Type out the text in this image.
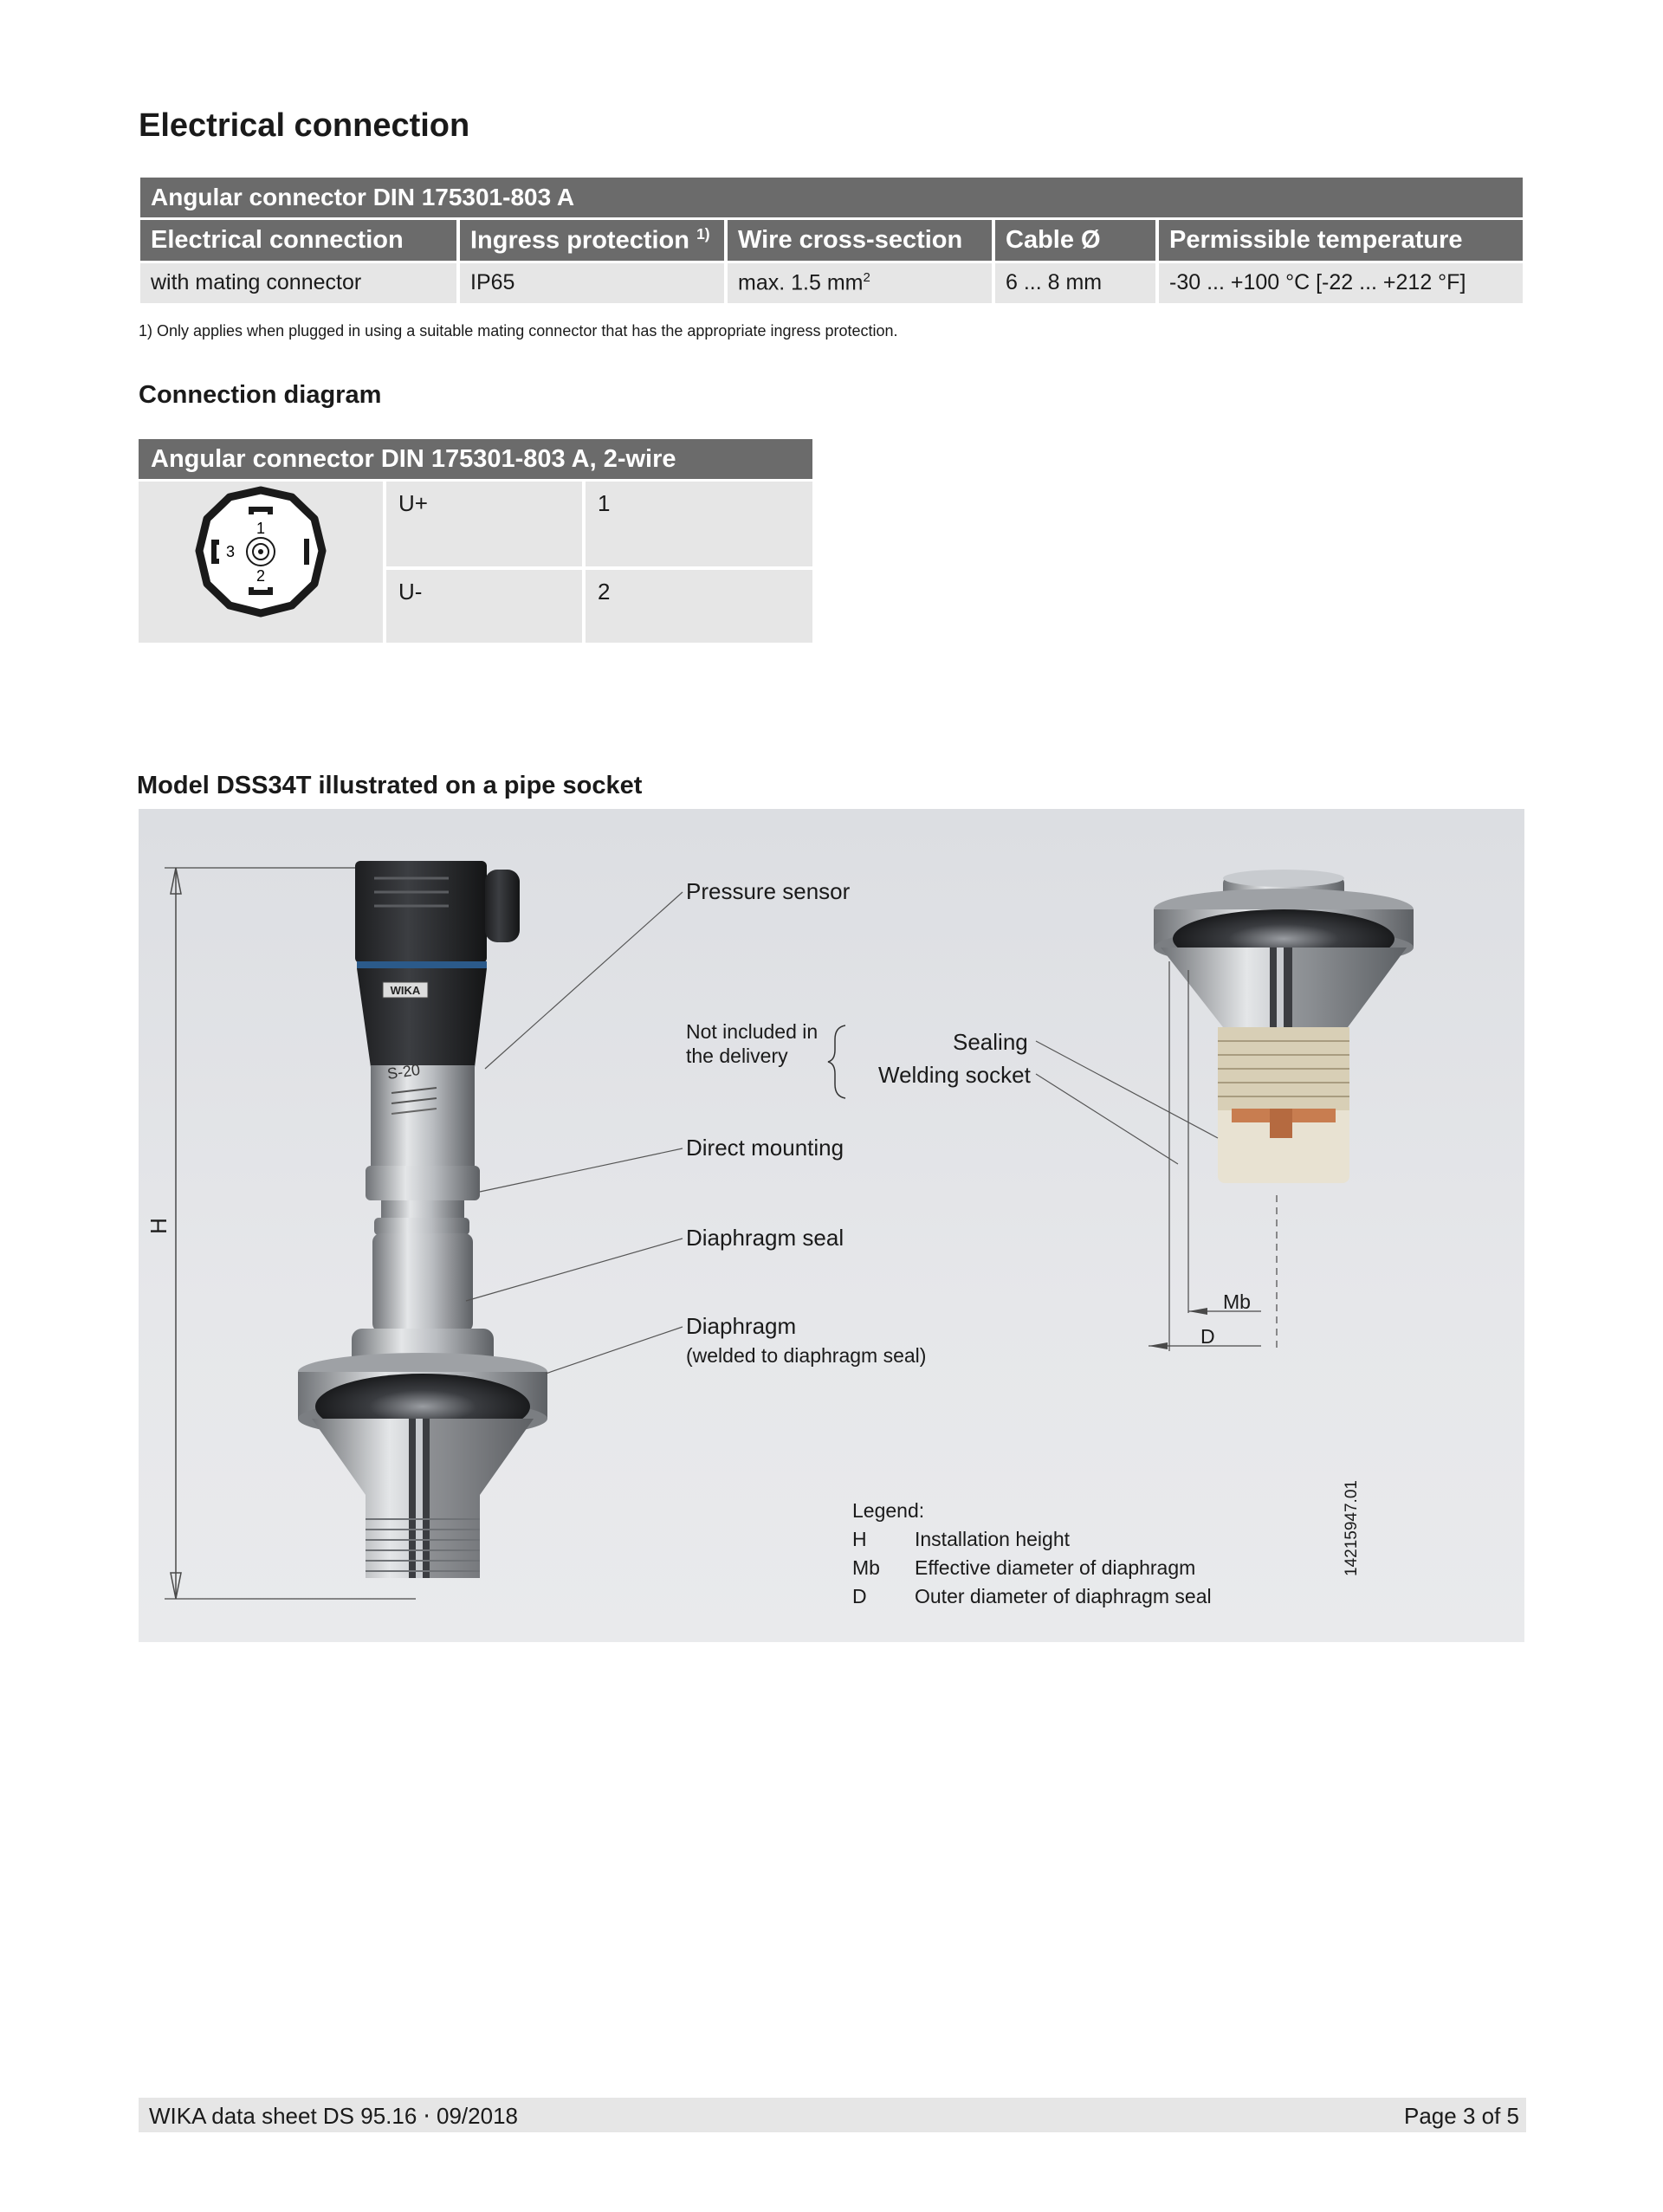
Electrical connection
Angular connector DIN 175301-803 A				
Electrical connection	Ingress protection $^{1)}$	Wire cross-section	Cable Ø	Permissible temperature
with mating connector	IP65	max. 1.5 $mm^2$	6 ... 8 mm	-30 ... +100 °C [-22 ... +212 °F]
1) Only applies when plugged in using a suitable mating connector that has the appropriate ingress protection.
Connection diagram
Angular connector DIN 175301-803 A, 2-wire
1
2
3
U+	1
U-	2
Model DSS34T illustrated on a pipe socket
WIKA
S-20
H
Pressure sensor
Not included in
the delivery
Sealing
Welding socket
Direct mounting
Diaphragm seal
Diaphragm
(welded to diaphragm seal)
Mb
D
Legend:
H	Installation height
Mb	Effective diameter of diaphragm
D	Outer diameter of diaphragm seal
14215947.01
WIKA data sheet DS 95.16 ⋅ 09/2018	Page 3 of 5
